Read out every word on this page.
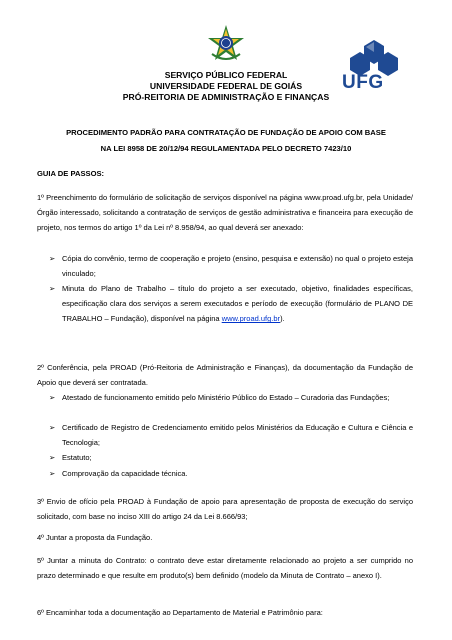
UFG
SERVIÇO PÚBLICO FEDERAL
UNIVERSIDADE FEDERAL DE GOIÁS
PRÓ-REITORIA DE ADMINISTRAÇÃO E FINANÇAS
PROCEDIMENTO PADRÃO PARA CONTRATAÇÃO DE FUNDAÇÃO DE APOIO COM BASE
NA LEI 8958 DE 20/12/94 REGULAMENTADA PELO DECRETO 7423/10
GUIA DE PASSOS:
1º Preenchimento do formulário de solicitação de serviços disponível na página www.proad.ufg.br, pela Unidade/Órgão interessado, solicitando a contratação de serviços de gestão administrativa e financeira para execução de projeto, nos termos do artigo 1º da Lei nº 8.958/94, ao qual deverá ser anexado:
➢ Cópia do convênio, termo de cooperação e projeto (ensino, pesquisa e extensão) no qual o projeto esteja vinculado;
➢ Minuta do Plano de Trabalho – título do projeto a ser executado, objetivo, finalidades específicas, especificação clara dos serviços a serem executados e período de execução (formulário de PLANO DE TRABALHO – Fundação), disponível na página www.proad.ufg.br).
2º Conferência, pela PROAD (Pró-Reitoria de Administração e Finanças), da documentação da Fundação de Apoio que deverá ser contratada.
➢ Atestado de funcionamento emitido pelo Ministério Público do Estado – Curadoria das Fundações;
➢ Certificado de Registro de Credenciamento emitido pelos Ministérios da Educação e Cultura e Ciência e Tecnologia;
➢ Estatuto;
➢ Comprovação da capacidade técnica.
3º Envio de ofício pela PROAD à Fundação de apoio para apresentação de proposta de execução do serviço solicitado, com base no inciso XIII do artigo 24 da Lei 8.666/93;
4º Juntar a proposta da Fundação.
5º Juntar a minuta do Contrato: o contrato deve estar diretamente relacionado ao projeto a ser cumprido no prazo determinado e que resulte em produto(s) bem definido (modelo da Minuta de Contrato – anexo I).
6º Encaminhar toda a documentação ao Departamento de Material e Patrimônio para:
